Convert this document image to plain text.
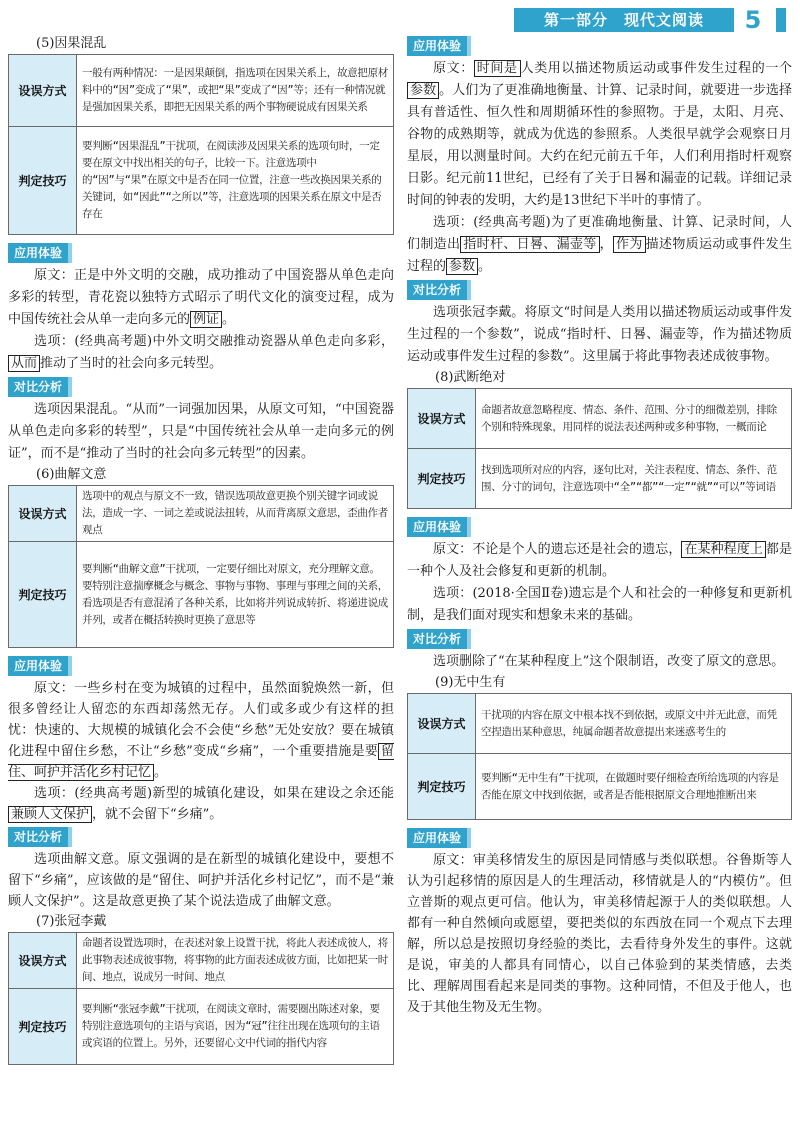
第一部分　现代文阅读	5
(5)因果混乱
设误方式	一般有两种情况：一是因果颠倒，指选项在因果关系上，故意把原材料中的“因”变成了“果”，或把“果”变成了“因”等；还有一种情况就是强加因果关系，即把无因果关系的两个事物硬说成有因果关系
判定技巧	要判断“因果混乱”干扰项，在阅读涉及因果关系的选项句时，一定要在原文中找出相关的句子，比较一下。注意选项中的“因”与“果”在原文中是否在同一位置，注意一些改换因果关系的关键词，如“因此”“之所以”等，注意选项的因果关系在原文中是否存在
应用体验
原文：正是中外文明的交融，成功推动了中国瓷器从单色走向多彩的转型，青花瓷以独特方式昭示了明代文化的演变过程，成为中国传统社会从单一走向多元的 例证 。
选项：(经典高考题)中外文明交融推动瓷器从单色走向多彩，从而 推动了当时的社会向多元转型。
对比分析
选项因果混乱。“从而”一词强加因果，从原文可知，“中国瓷器从单色走向多彩的转型”，只是“中国传统社会从单一走向多元的例证”，而不是“推动了当时的社会向多元转型”的因素。
(6)曲解文意
设误方式	选项中的观点与原文不一致，错误选项故意更换个别关键字词或说法，造成一字、一词之差或说法扭转，从而背离原文意思，歪曲作者观点
判定技巧	要判断“曲解文意”干扰项，一定要仔细比对原文，充分理解文意。要特别注意揣摩概念与概念、事物与事物、事理与事理之间的关系，看选项是否有意混淆了各种关系，比如将并列说成转折、将递进说成并列，或者在概括转换时更换了意思等
应用体验
原文：一些乡村在变为城镇的过程中，虽然面貌焕然一新，但很多曾经让人留恋的东西却荡然无存。人们或多或少有这样的担忧：快速的、大规模的城镇化会不会使“乡愁”无处安放？要在城镇化进程中留住乡愁，不让“乡愁”变成“乡痛”，一个重要措施是要 留住、呵护并活化乡村记忆 。
选项：(经典高考题)新型的城镇化建设，如果在建设之余还能兼顾人文保护 ，就不会留下“乡痛”。
对比分析
选项曲解文意。原文强调的是在新型的城镇化建设中，要想不留下“乡痛”，应该做的是“留住、呵护并活化乡村记忆”，而不是“兼顾人文保护”。这是故意更换了某个说法造成了曲解文意。
(7)张冠李戴
设误方式	命题者设置选项时，在表述对象上设置干扰，将此人表述成彼人，将此事物表述成彼事物，将事物的此方面表述成彼方面，比如把某一时间、地点，说成另一时间、地点
判定技巧	要判断“张冠李戴”干扰项，在阅读文章时，需要圈出陈述对象，要特别注意选项句的主语与宾语，因为“冠”往往出现在选项句的主语或宾语的位置上。另外，还要留心文中代词的指代内容
应用体验
原文： 时间是 人类用以描述物质运动或事件发生过程的一个参数 。人们为了更准确地衡量、计算、记录时间，就要进一步选择具有普适性、恒久性和周期循环性的参照物。于是，太阳、月亮、谷物的成熟期等，就成为优选的参照系。人类很早就学会观察日月星辰，用以测量时间。大约在纪元前五千年，人们利用指时杆观察日影。纪元前11世纪，已经有了关于日晷和漏壶的记载。详细记录时间的钟表的发明，大约是13世纪下半叶的事情了。
选项：(经典高考题)为了更准确地衡量、计算、记录时间，人们制造出 指时杆、日晷、漏壶等 ， 作为 描述物质运动或事件发生过程的 参数 。
对比分析
选项张冠李戴。将原文“时间是人类用以描述物质运动或事件发生过程的一个参数”，说成“指时杆、日晷、漏壶等，作为描述物质运动或事件发生过程的参数”。这里属于将此事物表述成彼事物。
(8)武断绝对
设误方式	命题者故意忽略程度、情态、条件、范围、分寸的细微差别，排除个别和特殊现象，用同样的说法表述两种或多种事物，一概而论
判定技巧	找到选项所对应的内容，逐句比对，关注表程度、情态、条件、范围、分寸的词句，注意选项中“全”“都”“一定”“就”“可以”等词语
应用体验
原文：不论是个人的遗忘还是社会的遗忘， 在某种程度上 都是一种个人及社会修复和更新的机制。
选项：(2018·全国Ⅱ卷)遗忘是个人和社会的一种修复和更新机制，是我们面对现实和想象未来的基础。
对比分析
选项删除了“在某种程度上”这个限制语，改变了原文的意思。
(9)无中生有
设误方式	干扰项的内容在原文中根本找不到依据，或原文中并无此意，而凭空捏造出某种意思，纯属命题者故意提出来迷惑考生的
判定技巧	要判断“无中生有”干扰项，在做题时要仔细检查所给选项的内容是否能在原文中找到依据，或者是否能根据原文合理地推断出来
应用体验
原文：审美移情发生的原因是同情感与类似联想。谷鲁斯等人认为引起移情的原因是人的生理活动，移情就是人的“内模仿”。但立普斯的观点更可信。他认为，审美移情起源于人的类似联想。人都有一种自然倾向或愿望，要把类似的东西放在同一个观点下去理解，所以总是按照切身经验的类比，去看待身外发生的事件。这就是说，审美的人都具有同情心，以自己体验到的某类情感，去类比、理解周围看起来是同类的事物。这种同情，不但及于他人，也及于其他生物及无生物。
